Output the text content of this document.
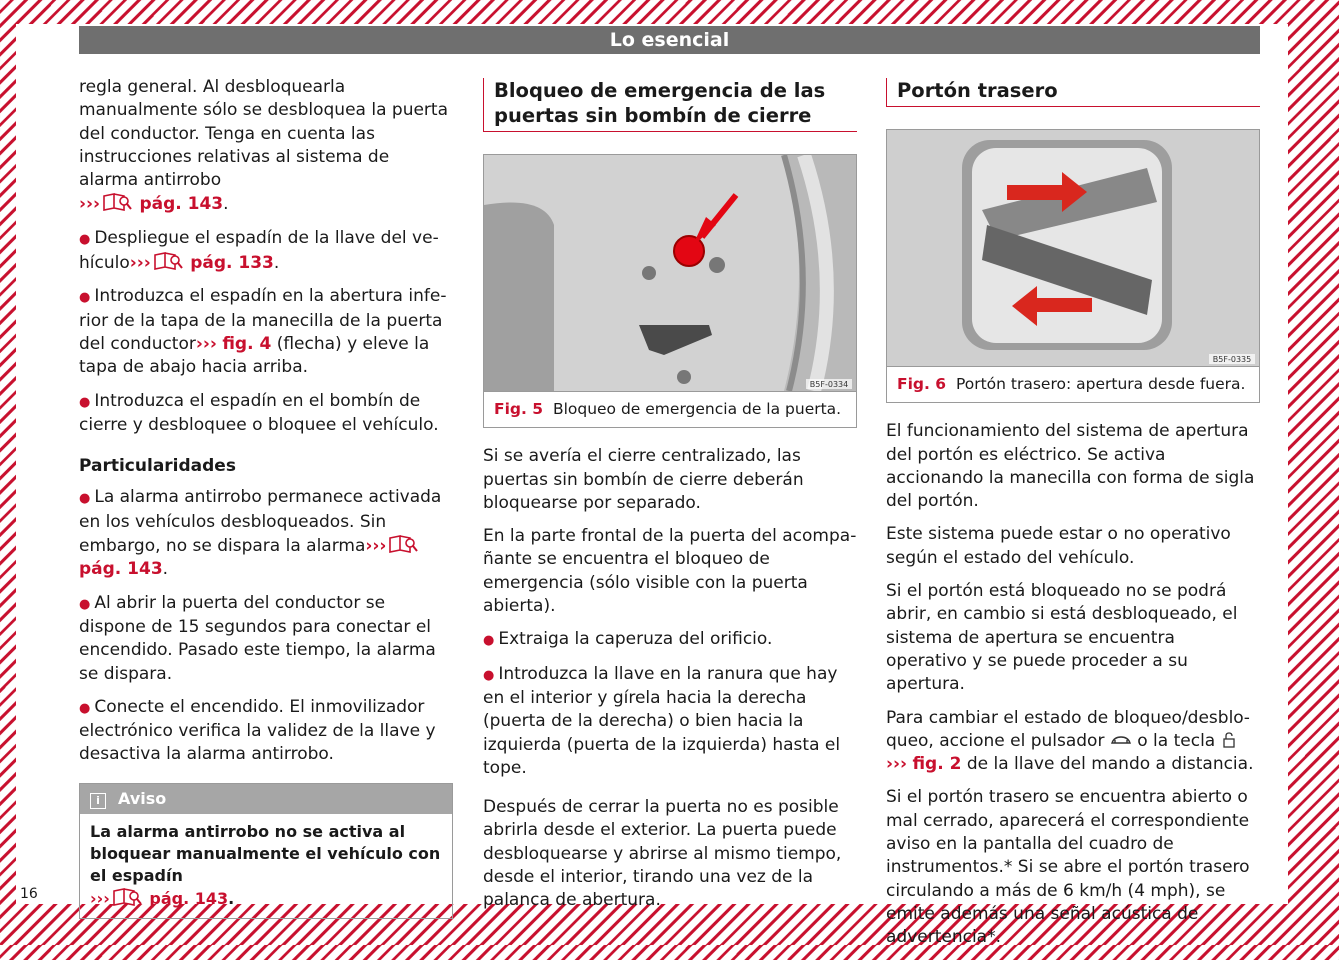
Lo esencial

regla general. Al desbloquearla manualmente sólo se desbloquea la puerta del conductor. Tenga en cuenta las instrucciones relativas al sistema de alarma antirrobo
››› pág. 143.

● Despliegue el espadín de la llave del vehículo››› pág. 133.

● Introduzca el espadín en la abertura inferior de la tapa de la manecilla de la puerta del conductor››› fig. 4 (flecha) y eleve la tapa de abajo hacia arriba.

● Introduzca el espadín en el bombín de cierre y desbloquee o bloquee el vehículo.

Particularidades

● La alarma antirrobo permanece activada en los vehículos desbloqueados. Sin embargo, no se dispara la alarma››› pág. 143.

● Al abrir la puerta del conductor se dispone de 15 segundos para conectar el encendido. Pasado este tiempo, la alarma se dispara.

● Conecte el encendido. El inmovilizador electrónico verifica la validez de la llave y desactiva la alarma antirrobo.

i Aviso
La alarma antirrobo no se activa al bloquear manualmente el vehículo con el espadín
››› pág. 143.
Bloqueo de emergencia de las puertas sin bombín de cierre
B5F-0334
Fig. 5 Bloqueo de emergencia de la puerta.

Si se avería el cierre centralizado, las puertas sin bombín de cierre deberán bloquearse por separado.

En la parte frontal de la puerta del acompañante se encuentra el bloqueo de emergencia (sólo visible con la puerta abierta).

● Extraiga la caperuza del orificio.

● Introduzca la llave en la ranura que hay en el interior y gírela hacia la derecha (puerta de la derecha) o bien hacia la izquierda (puerta de la izquierda) hasta el tope.

Después de cerrar la puerta no es posible abrirla desde el exterior. La puerta puede desbloquearse y abrirse al mismo tiempo, desde el interior, tirando una vez de la palanca de abertura.

Portón trasero
B5F-0335
Fig. 6 Portón trasero: apertura desde fuera.

El funcionamiento del sistema de apertura del portón es eléctrico. Se activa accionando la manecilla con forma de sigla del portón.

Este sistema puede estar o no operativo según el estado del vehículo.

Si el portón está bloqueado no se podrá abrir, en cambio si está desbloqueado, el sistema de apertura se encuentra operativo y se puede proceder a su apertura.

Para cambiar el estado de bloqueo/desbloqueo, accione el pulsador o la tecla
››› fig. 2 de la llave del mando a distancia.

Si el portón trasero se encuentra abierto o mal cerrado, aparecerá el correspondiente aviso en la pantalla del cuadro de instrumentos.* Si se abre el portón trasero circulando a más de 6 km/h (4 mph), se emite además una señal acústica de advertencia*.

16
